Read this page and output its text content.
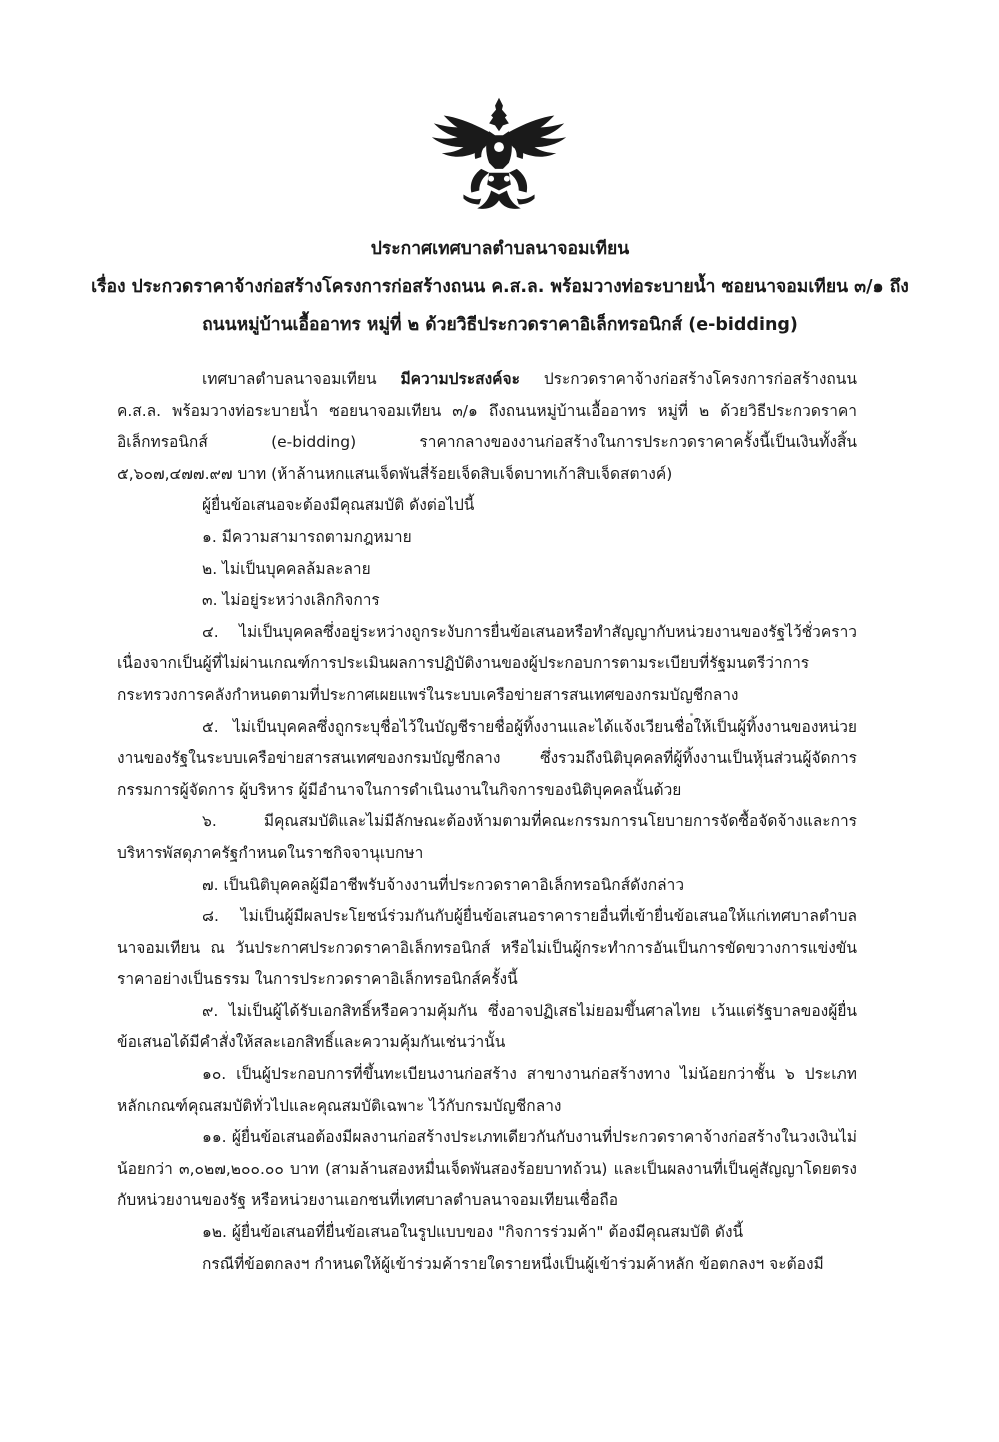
ประกาศเทศบาลตำบลนาจอมเทียน
เรื่อง ประกวดราคาจ้างก่อสร้างโครงการก่อสร้างถนน ค.ส.ล. พร้อมวางท่อระบายน้ำ ซอยนาจอมเทียน ๓/๑ ถึง
ถนนหมู่บ้านเอื้ออาทร หมู่ที่ ๒ ด้วยวิธีประกวดราคาอิเล็กทรอนิกส์ (e-bidding)

เทศบาลตำบลนาจอมเทียน มีความประสงค์จะ ประกวดราคาจ้างก่อสร้างโครงการก่อสร้างถนน ค.ส.ล. พร้อมวางท่อระบายน้ำ ซอยนาจอมเทียน ๓/๑ ถึงถนนหมู่บ้านเอื้ออาทร หมู่ที่ ๒ ด้วยวิธีประกวดราคาอิเล็กทรอนิกส์ (e-bidding) ราคากลางของงานก่อสร้างในการประกวดราคาครั้งนี้เป็นเงินทั้งสิ้น ๕,๖๐๗,๔๗๗.๙๗ บาท (ห้าล้านหกแสนเจ็ดพันสี่ร้อยเจ็ดสิบเจ็ดบาทเก้าสิบเจ็ดสตางค์)

ผู้ยื่นข้อเสนอจะต้องมีคุณสมบัติ ดังต่อไปนี้

๑. มีความสามารถตามกฎหมาย

๒. ไม่เป็นบุคคลล้มละลาย

๓. ไม่อยู่ระหว่างเลิกกิจการ

๔. ไม่เป็นบุคคลซึ่งอยู่ระหว่างถูกระงับการยื่นข้อเสนอหรือทำสัญญากับหน่วยงานของรัฐไว้ชั่วคราว เนื่องจากเป็นผู้ที่ไม่ผ่านเกณฑ์การประเมินผลการปฏิบัติงานของผู้ประกอบการตามระเบียบที่รัฐมนตรีว่าการกระทรวงการคลังกำหนดตามที่ประกาศเผยแพร่ในระบบเครือข่ายสารสนเทศของกรมบัญชีกลาง

๕. ไม่เป็นบุคคลซึ่งถูกระบุชื่อไว้ในบัญชีรายชื่อผู้ทิ้งงานและได้แจ้งเวียนชื่อให้เป็นผู้ทิ้งงานของหน่วยงานของรัฐในระบบเครือข่ายสารสนเทศของกรมบัญชีกลาง ซึ่งรวมถึงนิติบุคคลที่ผู้ทิ้งงานเป็นหุ้นส่วนผู้จัดการ กรรมการผู้จัดการ ผู้บริหาร ผู้มีอำนาจในการดำเนินงานในกิจการของนิติบุคคลนั้นด้วย

๖. มีคุณสมบัติและไม่มีลักษณะต้องห้ามตามที่คณะกรรมการนโยบายการจัดซื้อจัดจ้างและการบริหารพัสดุภาครัฐกำหนดในราชกิจจานุเบกษา

๗. เป็นนิติบุคคลผู้มีอาชีพรับจ้างงานที่ประกวดราคาอิเล็กทรอนิกส์ดังกล่าว

๘. ไม่เป็นผู้มีผลประโยชน์ร่วมกันกับผู้ยื่นข้อเสนอราคารายอื่นที่เข้ายื่นข้อเสนอให้แก่เทศบาลตำบลนาจอมเทียน ณ วันประกาศประกวดราคาอิเล็กทรอนิกส์ หรือไม่เป็นผู้กระทำการอันเป็นการขัดขวางการแข่งขันราคาอย่างเป็นธรรม ในการประกวดราคาอิเล็กทรอนิกส์ครั้งนี้

๙. ไม่เป็นผู้ได้รับเอกสิทธิ์หรือความคุ้มกัน ซึ่งอาจปฏิเสธไม่ยอมขึ้นศาลไทย เว้นแต่รัฐบาลของผู้ยื่นข้อเสนอได้มีคำสั่งให้สละเอกสิทธิ์และความคุ้มกันเช่นว่านั้น

๑๐. เป็นผู้ประกอบการที่ขึ้นทะเบียนงานก่อสร้าง สาขางานก่อสร้างทาง ไม่น้อยกว่าชั้น ๖ ประเภทหลักเกณฑ์คุณสมบัติทั่วไปและคุณสมบัติเฉพาะ ไว้กับกรมบัญชีกลาง

๑๑. ผู้ยื่นข้อเสนอต้องมีผลงานก่อสร้างประเภทเดียวกันกับงานที่ประกวดราคาจ้างก่อสร้างในวงเงินไม่น้อยกว่า ๓,๐๒๗,๒๐๐.๐๐ บาท (สามล้านสองหมื่นเจ็ดพันสองร้อยบาทถ้วน) และเป็นผลงานที่เป็นคู่สัญญาโดยตรงกับหน่วยงานของรัฐ หรือหน่วยงานเอกชนที่เทศบาลตำบลนาจอมเทียนเชื่อถือ

๑๒. ผู้ยื่นข้อเสนอที่ยื่นข้อเสนอในรูปแบบของ "กิจการร่วมค้า" ต้องมีคุณสมบัติ ดังนี้

กรณีที่ข้อตกลงฯ กำหนดให้ผู้เข้าร่วมค้ารายใดรายหนึ่งเป็นผู้เข้าร่วมค้าหลัก ข้อตกลงฯ จะต้องมี
